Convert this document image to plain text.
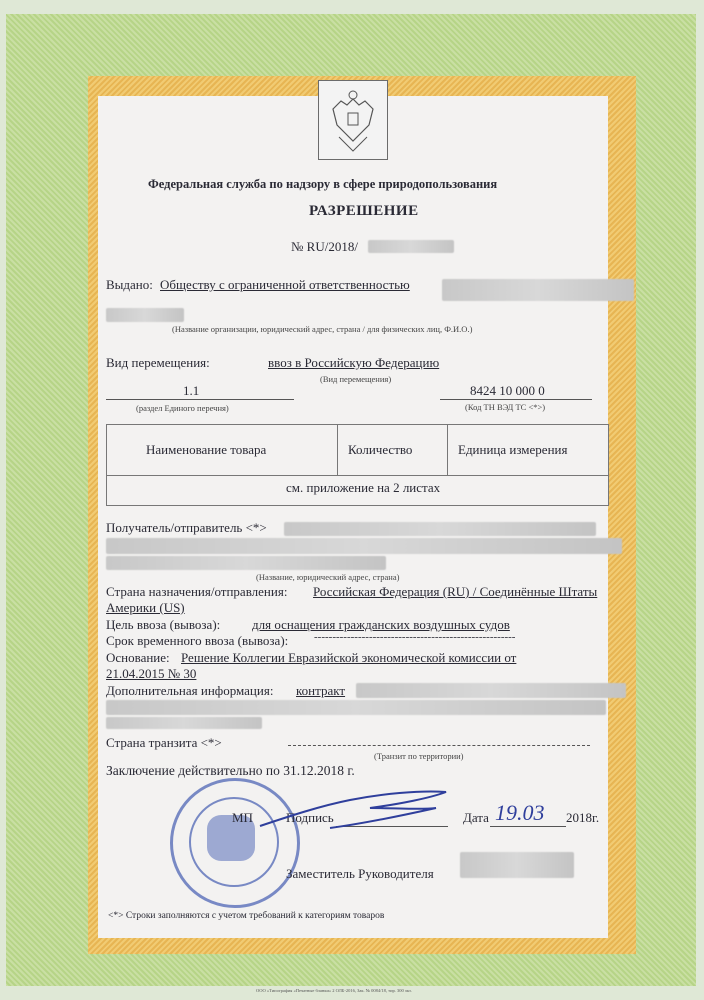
Федеральная служба по надзору в сфере природопользования
РАЗРЕШЕНИЕ
№ RU/2018/
Выдано: Обществу с ограниченной ответственностью
(Название организации, юридический адрес, страна / для физических лиц, Ф.И.О.)
Вид перемещения:	ввоз в Российскую Федерацию
(Вид перемещения)
1.1
(раздел Единого перечня)
8424 10 000 0
(Код ТН ВЭД ТС <*>)
Наименование товара	Количество	Единица измерения
см. приложение на 2 листах
Получатель/отправитель <*>
(Название, юридический адрес, страна)
Страна назначения/отправления: Российская Федерация (RU) / Соединённые Штаты
Америки (US)
Цель ввоза (вывоза): для оснащения гражданских воздушных судов
Срок временного ввоза (вывоза): -------------------------------------------------------
Основание: Решение Коллегии Евразийской экономической комиссии от
21.04.2015 № 30
Дополнительная информация: контракт
Страна транзита <*>
(Транзит по территории)
Заключение действительно по 31.12.2018 г.
МП	Подпись	Дата 19.03 2018г.
Заместитель Руководителя
<*> Строки заполняются с учетом требований к категориям товаров
ООО «Типография «Печатные бланки» 2 ОЛБ-2016, Зак. № 0084/18, тир. 300 экз.
